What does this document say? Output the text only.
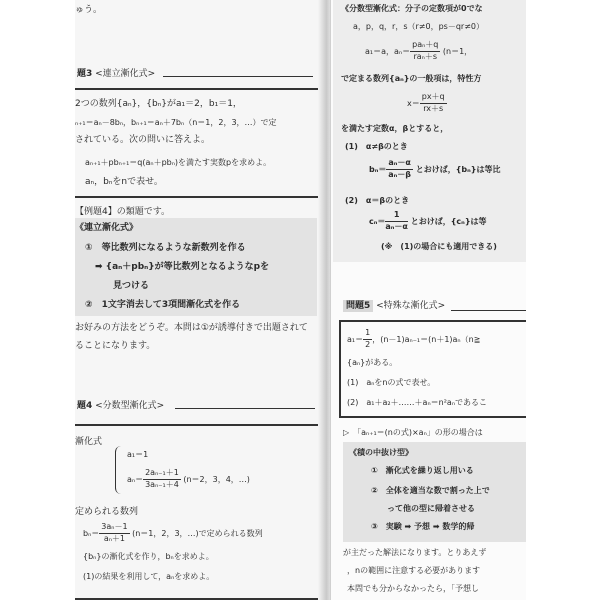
ゅう。
題3 <連立漸化式>
2つの数列{aₙ}，{bₙ}がa₁＝2，b₁＝1，
ₙ₊₁＝aₙ－8bₙ，bₙ₊₁＝aₙ＋7bₙ（n＝1，2，3，…）で定
されている。次の問いに答えよ。
aₙ₊₁＋pbₙ₊₁＝q(aₙ＋pbₙ)を満たす実数pを求めよ。
aₙ，bₙをnで表せ。
【例題4】の類題です。
《連立漸化式》
①　等比数列になるような新数列を作る
➡ {aₙ＋pbₙ}が等比数列となるようなpを
見つける
②　1文字消去して3項間漸化式を作る
お好みの方法をどうぞ。本問は①が誘導付きで出題されて
ることになります。
題4 <分数型漸化式>
漸化式
a₁＝1
$a_n= \frac{\text{2aₙ₋₁＋1}}{\text{3aₙ₋₁＋4}} (n=2$，3，4，…)
定められる数列
$b_n= \frac{\text{3aₙ－1}}{\text{aₙ＋1}} (n=1$，2，3，…)で定められる数列
{bₙ}の漸化式を作り，bₙを求めよ。
(1)の結果を利用して，aₙを求めよ。
《分数型漸化式：分子の定数項が0でな
a，p，q，r，s（r≠0，ps－qr≠0）
a₁＝a，$a_n= \frac{\text{paₙ＋q}}{\text{raₙ＋s}} (n=1$，
で定まる数列{aₙ}の一般項は，特性方
$x= \frac{px+q}{rx+s}$
を満たす定数α，βとすると，
(1)　α≠βのとき
$b_n= \frac{\text{aₙ－α}}{\text{aₙ－β}}$ とおけば，{bₙ}は等比
(2)　α＝βのとき
$c_n= \frac{1}{\text{aₙ－α}}$ とおけば，{cₙ}は等
(※　(1)の場合にも適用できる)
問題5 <特殊な漸化式>
$a_1= \frac{1}{2}$ ，(n－1)aₙ₋₁＝(n＋1)aₙ（n≧
{aₙ}がある。
(1)　aₙをnの式で表せ。
(2)　a₁＋a₂＋……＋aₙ＝n²aₙであるこ
▷　「aₙ₊₁＝(nの式)×aₙ」の形の場合は
《積の中抜け型》
①　漸化式を繰り返し用いる
②　全体を適当な数で割った上で
って他の型に帰着させる
③　実験 ➡ 予想 ➡ 数学的帰
が主だった解法になります。とりあえず
，nの範囲に注意する必要があります
本問でも分からなかったら，「予想し
